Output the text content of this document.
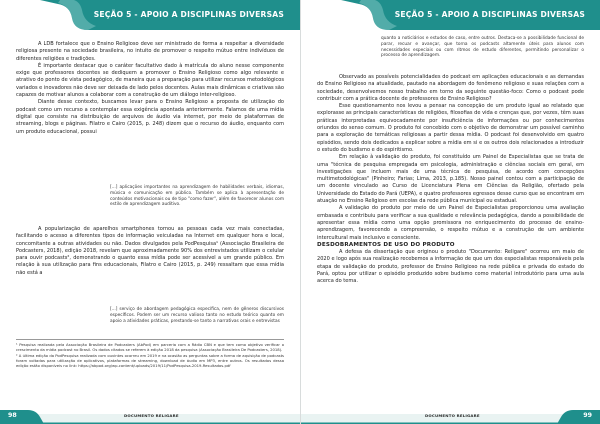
SEÇÃO 5 - APOIO A DISCIPLINAS DIVERSAS

A LDB fortalece que o Ensino Religioso deve ser ministrado de forma a respeitar a diversidade religiosa presente na sociedade brasileira, no intuito de promover o respeito mútuo entre indivíduos de diferentes religiões e tradições.

É importante destacar que o caráter facultativo dado à matrícula do aluno nesse componente exige que professores docentes se dediquem a promover o Ensino Religioso como algo relevante e atrativo do ponto de vista pedagógico, de maneira que a preparação para utilizar recursos metodológicos variados e inovadores não deve ser deixada de lado pelos docentes. Aulas mais dinâmicas e criativas são capazes de motivar alunos a colaborar com a construção de um diálogo inter-religioso.

Diante desse contexto, buscamos levar para o Ensino Religioso a proposta de utilização do podcast como um recurso a contemplar essa exigência apontada anteriormente. Falamos de uma mídia digital que consiste na distribuição de arquivos de áudio via internet, por meio de plataformas de streaming, blogs e páginas. Filatro e Cairo (2015, p. 248) dizem que o recurso do áudio, enquanto com um produto educacional, possui

[...] aplicações importantes na aprendizagem de habilidades verbais, idiomas, música e comunicação em público. Também se aplica à apresentação de conteúdos motivacionais ou de tipo "como fazer", além de favorecer alunos com estilo de aprendizagem auditivo.

A popularização de aparelhos smartphones tornou as pessoas cada vez mais conectadas, facilitando o acesso a diferentes tipos de informação veiculadas na Internet em qualquer hora e local, concomitante a outras atividades ou não. Dados divulgados pela PodPesquisa¹ (Associação Brasileira de Podcasters, 2018), edição 2018, revelam que aproximadamente 90% dos entrevistados utilizam o celular para ouvir podcasts², demonstrando o quanto essa mídia pode ser acessível a um grande público. Em relação à sua utilização para fins educacionais, Filatro e Cairo (2015, p. 249) ressaltam que essa mídia não está a

[...] serviço de abordagem pedagógica específica, nem de gêneros discursivos específicos. Podem ser um recurso valioso tanto no estudo teórico quanto em apoio a atividades práticas, prestando-se tanto a narrativas orais e entrevistas

¹ Pesquisa realizada pela Associação Brasileira de Podcasters (AbPod) em parceria com a Rádio CBN e que tem como objetivo verificar o crescimento da mídia podcast no Brasil. Os dados citados se referem à edição 2018 da pesquisa (Associação Brasileira De Podcasters, 2018).

² A última edição da PodPesquisa realizada com ouvintes ocorreu em 2019 e na ocasião as perguntas sobre a forma de aquisição de podcasts foram voltadas para utilização de aplicativos, plataformas de streaming, download de áudio em MP3, entre outros. Os resultados dessa edição estão disponíveis no link: https://abpod.org/wp-content/uploads/2019/11/PodPesquisa-2019-Resultados.pdf

98	DOCUMENTO RELIGARE
SEÇÃO 5 - APOIO A DISCIPLINAS DIVERSAS
quanto a noticiários e estudos de caso, entre outros. Destaca-se a possibilidade funcional de parar, recuar e avançar, que torna os podcasts altamente úteis para alunos com necessidades especiais ou com ritmos de estudo diferentes, permitindo personalizar o processo de aprendizagem.

Observado as possíveis potencialidades do podcast em aplicações educacionais e as demandas do Ensino Religioso na atualidade, pautado na abordagem do fenômeno religioso e suas relações com a sociedade, desenvolvemos nosso trabalho em torno da seguinte questão-foco: Como o podcast pode contribuir com a prática docente de professores de Ensino Religioso?

Esse questionamento nos levou a pensar na concepção de um produto igual ao relatado que explorasse as principais características de religiões, filosofias de vida e crenças que, por vezes, têm suas práticas interpretadas equivocadamente por insuficiência de informações ou por conhecimentos oriundos do senso comum. O produto foi concebido com o objetivo de demonstrar um possível caminho para a exploração de temáticas religiosas a partir dessa mídia. O podcast foi desenvolvido em quatro episódios, sendo dois dedicados a explicar sobre a mídia em si e os outros dois relacionados a introduzir o estudo do budismo e do espiritismo.

Em relação à validação do produto, foi constituído um Painel de Especialistas que se trata de uma "técnica de pesquisa empregada em psicologia, administração e ciências sociais em geral, em investigações que incluem mais de uma técnica de pesquisa, de acordo com concepções multimetodológicas" (Pinheiro; Farias; Lima, 2013, p.185). Nosso painel contou com a participação de um docente vinculado ao Curso de Licenciatura Plena em Ciências da Religião, ofertado pela Universidade do Estado do Pará (UEPA), e quatro professores egressos desse curso que se encontram em atuação no Ensino Religioso em escolas da rede pública municipal ou estadual.

A validação do produto por meio de um Painel de Especialistas proporcionou uma avaliação embasada e contribuiu para verificar a sua qualidade e relevância pedagógica, dando a possibilidade de apresentar essa mídia como uma opção promissora no enriquecimento do processo de ensino-aprendizagem, favorecendo a compreensão, o respeito mútuo e a construção de um ambiente intercultural mais inclusivo e consciente.

DESDOBRAMENTOS DE USO DO PRODUTO

A defesa da dissertação que originou o produto "Documento: Religare" ocorreu em maio de 2020 e logo após sua realização recebemos a informação de que um dos especialistas responsáveis pela etapa de validação do produto, professor de Ensino Religioso na rede pública e privada do estado do Pará, optou por utilizar o episódio produzido sobre budismo como material introdutório para uma aula acerca do tema.

99
DOCUMENTO RELIGARE
